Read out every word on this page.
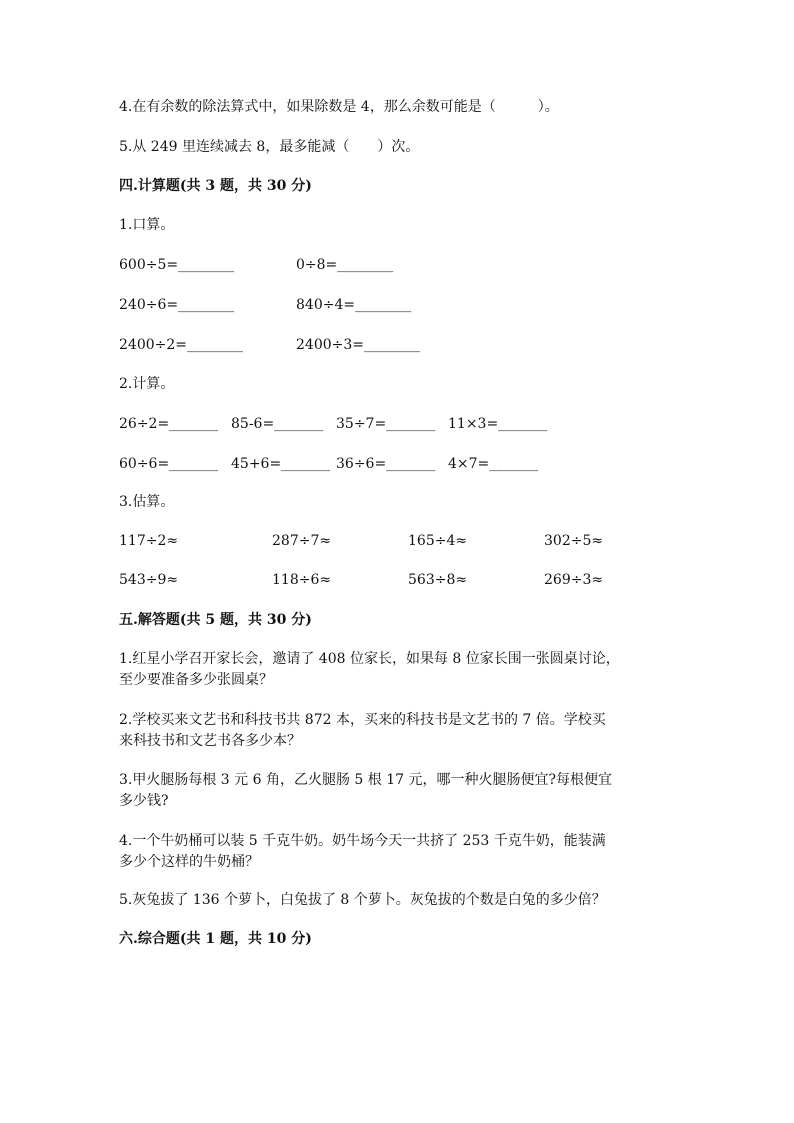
4.在有余数的除法算式中，如果除数是 4，那么余数可能是（　　　）。
5.从 249 里连续减去 8，最多能减（　　）次。
四.计算题(共 3 题，共 30 分)
1.口算。
600÷5=________	0÷8=________
240÷6=________	840÷4=________
2400÷2=________	2400÷3=________
2.计算。
26÷2=_______ 85-6=_______ 35÷7=_______ 11×3=_______
60÷6=_______ 45+6=_______ 36÷6=_______ 4×7=_______
3.估算。
117÷2≈	287÷7≈	165÷4≈	302÷5≈
543÷9≈	118÷6≈	563÷8≈	269÷3≈
五.解答题(共 5 题，共 30 分)
1.红星小学召开家长会，邀请了 408 位家长，如果每 8 位家长围一张圆桌讨论，
至少要准备多少张圆桌？
2.学校买来文艺书和科技书共 872 本，买来的科技书是文艺书的 7 倍。学校买
来科技书和文艺书各多少本？
3.甲火腿肠每根 3 元 6 角，乙火腿肠 5 根 17 元，哪一种火腿肠便宜?每根便宜
多少钱?
4.一个牛奶桶可以装 5 千克牛奶。奶牛场今天一共挤了 253 千克牛奶，能装满
多少个这样的牛奶桶？
5.灰兔拔了 136 个萝卜，白兔拔了 8 个萝卜。灰兔拔的个数是白兔的多少倍？
六.综合题(共 1 题，共 10 分)
